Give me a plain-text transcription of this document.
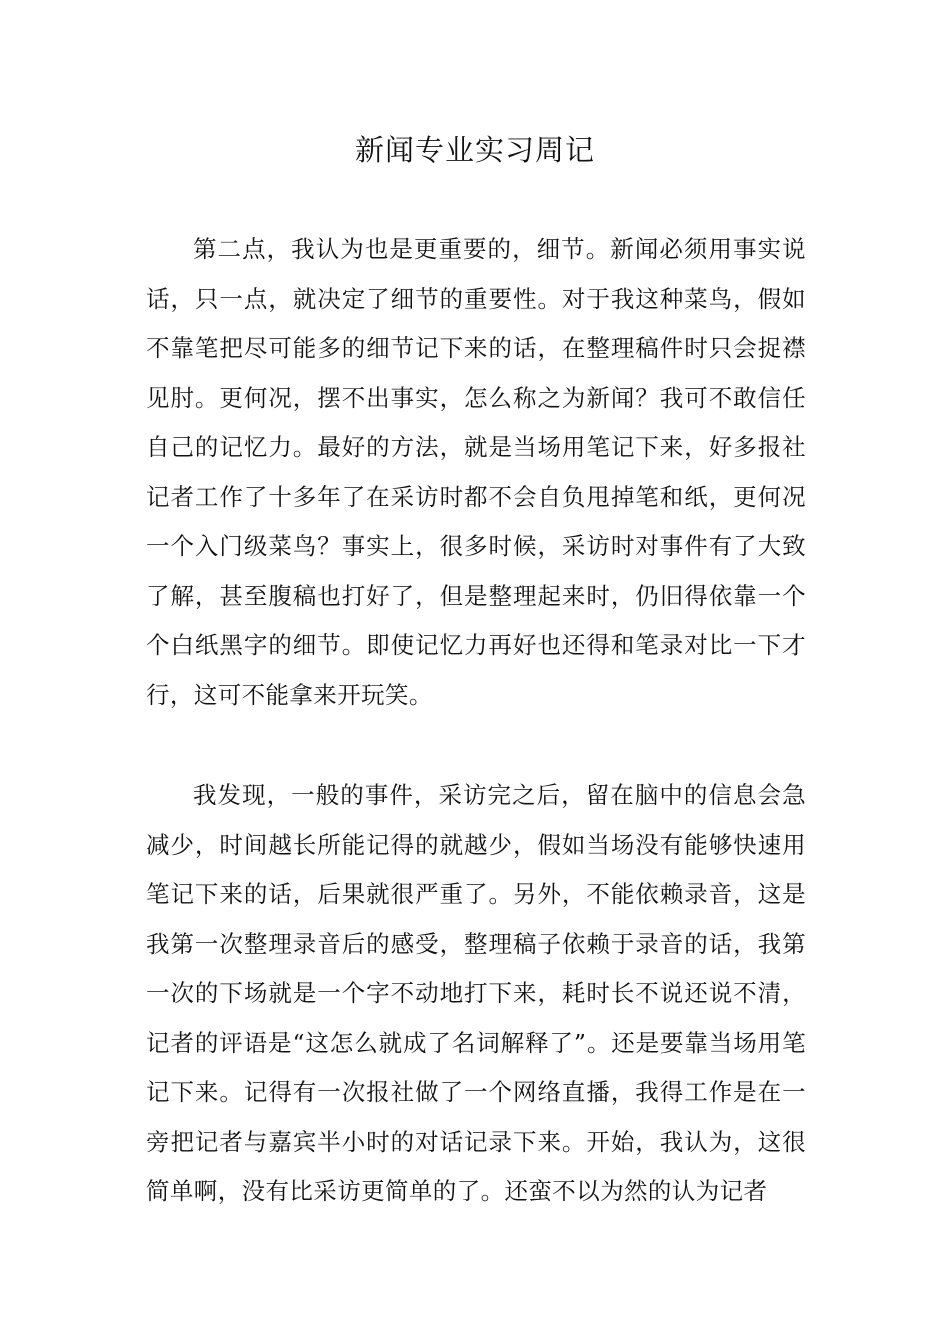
新闻专业实习周记

第二点，我认为也是更重要的，细节。新闻必须用事实说话，只一点，就决定了细节的重要性。对于我这种菜鸟，假如不靠笔把尽可能多的细节记下来的话，在整理稿件时只会捉襟见肘。更何况，摆不出事实，怎么称之为新闻？我可不敢信任自己的记忆力。最好的方法，就是当场用笔记下来，好多报社记者工作了十多年了在采访时都不会自负甩掉笔和纸，更何况一个入门级菜鸟？事实上，很多时候，采访时对事件有了大致了解，甚至腹稿也打好了，但是整理起来时，仍旧得依靠一个个白纸黑字的细节。即使记忆力再好也还得和笔录对比一下才行，这可不能拿来开玩笑。

我发现，一般的事件，采访完之后，留在脑中的信息会急减少，时间越长所能记得的就越少，假如当场没有能够快速用笔记下来的话，后果就很严重了。另外，不能依赖录音，这是我第一次整理录音后的感受，整理稿子依赖于录音的话，我第一次的下场就是一个字不动地打下来，耗时长不说还说不清，记者的评语是“这怎么就成了名词解释了”。还是要靠当场用笔记下来。记得有一次报社做了一个网络直播，我得工作是在一旁把记者与嘉宾半小时的对话记录下来。开始，我认为，这很简单啊，没有比采访更简单的了。还蛮不以为然的认为记者
